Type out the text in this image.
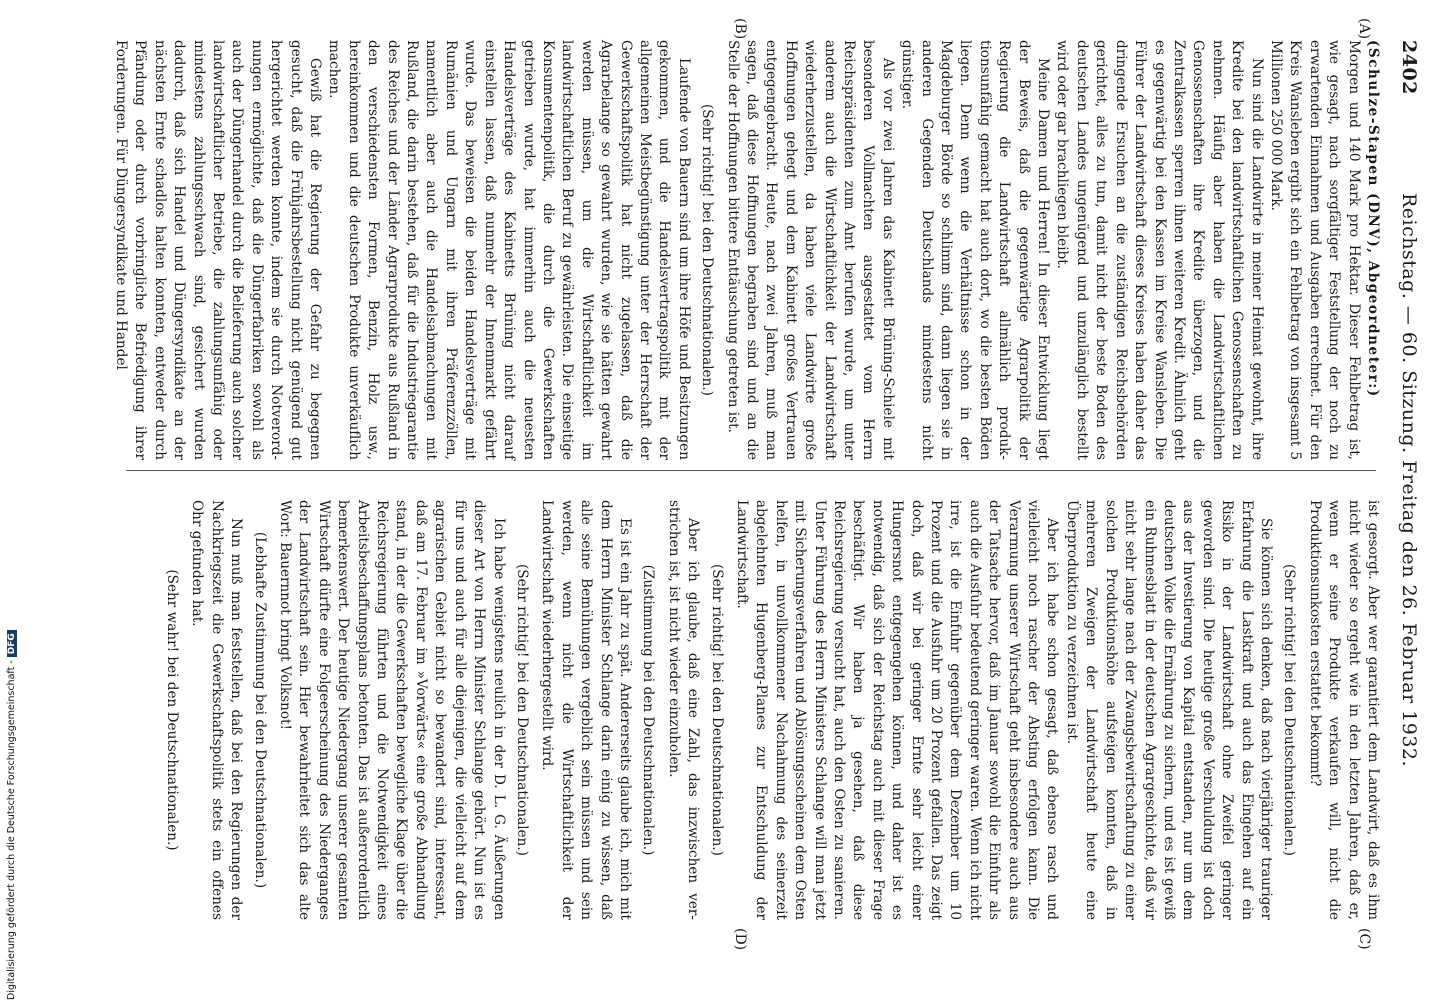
2402
Reichstag. — 60. Sitzung. Freitag den 26. Februar 1932.
(A)
(B)
(C)
(D)

(Schulze-Stapen (DNV), Abgeordneter:)

Morgen und 140 Mark pro Hektar. Dieser Fehlbetrag ist, wie gesagt, nach sorgfältiger Feststellung der noch zu erwartenden Einnahmen und Ausgaben errechnet. Für den Kreis Wansleben ergibt sich ein Fehlbetrag von insgesamt 5 Millionen 250 000 Mark.

Nun sind die Landwirte in meiner Heimat gewohnt, ihre Kredite bei den landwirtschaftlichen Genossenschaften zu nehmen. Häufig aber haben die Landwirtschaftlichen Genossenschaften ihre Kredite überzogen, und die Zentralkassen sperren ihnen weiteren Kredit. Ähnlich geht es gegenwärtig bei den Kassen im Kreise Wansleben. Die Führer der Landwirtschaft dieses Kreises haben daher das dringende Ersuchen an die zuständigen Reichsbehörden gerichtet, alles zu tun, damit nicht der beste Boden des deutschen Landes ungenügend und unzulänglich bestellt wird oder gar brachliegen bleibt.

Meine Damen und Herren! In dieser Entwicklung liegt der Beweis, daß die gegenwärtige Agrarpolitik der Regierung die Landwirtschaft allmählich produktionsunfähig gemacht hat auch dort, wo die besten Böden liegen. Denn wenn die Verhältnisse schon in der Magdeburger Börde so schlimm sind, dann liegen sie in anderen Gegenden Deutschlands mindestens nicht günstiger.

Als vor zwei Jahren das Kabinett Brüning-Schiele mit besonderen Vollmachten ausgestattet vom Herrn Reichspräsidenten zum Amt berufen wurde, um unter anderem auch die Wirtschaftlichkeit der Landwirtschaft wiederherzustellen, da haben viele Landwirte große Hoffnungen gehegt und dem Kabinett großes Vertrauen entgegengebracht. Heute, nach zwei Jahren, muß man sagen, daß diese Hoffnungen begraben sind und an die Stelle der Hoffnungen bittere Enttäuschung getreten ist.

(Sehr richtig! bei den Deutschnationalen.)

Laufende von Bauern sind um ihre Höfe und Besitzungen gekommen, und die Handelsvertragspolitik mit der allgemeinen Meistbegünstigung unter der Herrschaft der Gewerkschaftspolitik hat nicht zugelassen, daß die Agrarbelange so gewahrt wurden, wie sie hätten gewahrt werden müssen, um die Wirtschaftlichkeit im landwirtschaftlichen Beruf zu gewährleisten. Die einseitige Konsumentenpolitik, die durch die Gewerkschaften getrieben wurde, hat immerhin auch die neuesten Handelsverträge des Kabinetts Brüning nicht darauf einstellen lassen, daß nunmehr der Innenmarkt gefährt wurde. Das beweisen die beiden Handelsverträge mit Rumänien und Ungarn mit ihren Präferenzzöllen, namentlich aber auch die Handelsabmachungen mit Rußland, die darin bestehen, daß für die Industriegarantie des Reiches und der Länder Agrarprodukte aus Rußland in den verschiedensten Formen, Benzin, Holz usw., hereinkommen und die deutschen Produkte unverkäuflich machen.

Gewiß hat die Regierung der Gefahr zu begegnen gesucht, daß die Frühjahrsbestellung nicht genügend gut hergerichtet werden konnte, indem sie durch Notverordnungen ermöglichte, daß die Düngerfabriken sowohl als auch der Düngerhandel durch die Belieferung auch solcher landwirtschaftlicher Betriebe, die zahlungsunfähig oder mindestens zahlungsschwach sind, gesichert wurden dadurch, daß sich Handel und Düngersyndikate an der nächsten Ernte schadlos halten konnten, entweder durch Pfändung oder durch vorbringliche Befriedigung ihrer Forderungen. Für Düngersyndikate und Handel

ist gesorgt. Aber wer garantiert dem Landwirt, daß es ihm nicht wieder so ergeht wie in den letzten Jahren, daß er, wenn er seine Produkte verkaufen will, nicht die Produktionsunkosten erstattet bekommt?

(Sehr richtig! bei den Deutschnationalen.)

Sie können sich denken, daß nach vierjähriger trauriger Erfahrung die Lastkraft und auch das Eingehen auf ein Risiko in der Landwirtschaft ohne Zweifel geringer geworden sind. Die heutige große Verschuldung ist doch aus der Investierung von Kapital entstanden, nur um dem deutschen Volke die Ernährung zu sichern, und es ist gewiß ein Ruhmesblatt in der deutschen Agrargeschichte, daß wir nicht sehr lange nach der Zwangsbewirtschaftung zu einer solchen Produktionshöhe aufsteigen konnten, daß in mehreren Zweigen der Landwirtschaft heute eine Überproduktion zu verzeichnen ist.

Aber ich habe schon gesagt, daß ebenso rasch und vielleicht noch rascher der Absting erfolgen kann. Die Verarmung unserer Wirtschaft geht insbesondere auch aus der Tatsache hervor, daß im Januar sowohl die Einfuhr als auch die Ausfuhr bedeutend geringer waren. Wenn ich nicht irre, ist die Einfuhr gegenüber dem Dezember um 10 Prozent und die Ausfuhr um 20 Prozent gefallen. Das zeigt doch, daß wir bei geringer Ernte sehr leicht einer Hungersnot entgegengehen können, und daher ist es notwendig, daß sich der Reichstag auch mit dieser Frage beschäftigt. Wir haben ja gesehen, daß diese Reichsregierung versucht hat, auch den Osten zu sanieren. Unter Führung des Herrn Ministers Schlange will man jetzt mit Sicherungsverfahren und Ablösungsscheinen dem Osten helfen, in unvollkommener Nachahmung des seinerzeit abgelehnten Hugenberg-Planes zur Entschuldung der Landwirtschaft.

(Sehr richtig! bei den Deutschnationalen.)

Aber ich glaube, daß eine Zahl, das inzwischen verstrichen ist, ist nicht wieder einzuholen.

(Zustimmung bei den Deutschnationalen.)

Es ist ein Jahr zu spät. Andererseits glaube ich, mich mit dem Herrn Minister Schlange darin einig zu wissen, daß alle seine Bemühungen vergeblich sein müssen und sein werden, wenn nicht die Wirtschaftlichkeit der Landwirtschaft wiederhergestellt wird.

(Sehr richtig! bei den Deutschnationalen.)

Ich habe wenigstens neulich in der D. L. G. Äußerungen dieser Art von Herrn Minister Schlange gehört. Nun ist es für uns und auch für alle diejenigen, die vielleicht auf dem agrarischen Gebiet nicht so bewandert sind, interessant, daß am 17. Februar im »Vorwärts« eine große Abhandlung stand, in der die Gewerkschaften bewegliche Klage über die Reichsregierung führten und die Notwendigkeit eines Arbeitsbeschaffungsplans betonten. Das ist außerordentlich bemerkenswert. Der heutige Niedergang unserer gesamten Wirtschaft dürfte eine Folgeerscheinung des Niederganges der Landwirtschaft sein. Hier bewahrheitet sich das alte Wort: Bauernnot bringt Volksnot!

(Lebhafte Zustimmung bei den Deutschnationalen.)

Nun muß man feststellen, daß bei den Regierungen der Nachkriegszeit die Gewerkschaftspolitik stets ein offenes Ohr gefunden hat.

(Sehr wahr! bei den Deutschnationalen.)

Digitalisierung gefördert durch die Deutsche Forschungsgemeinschaft -DFG
